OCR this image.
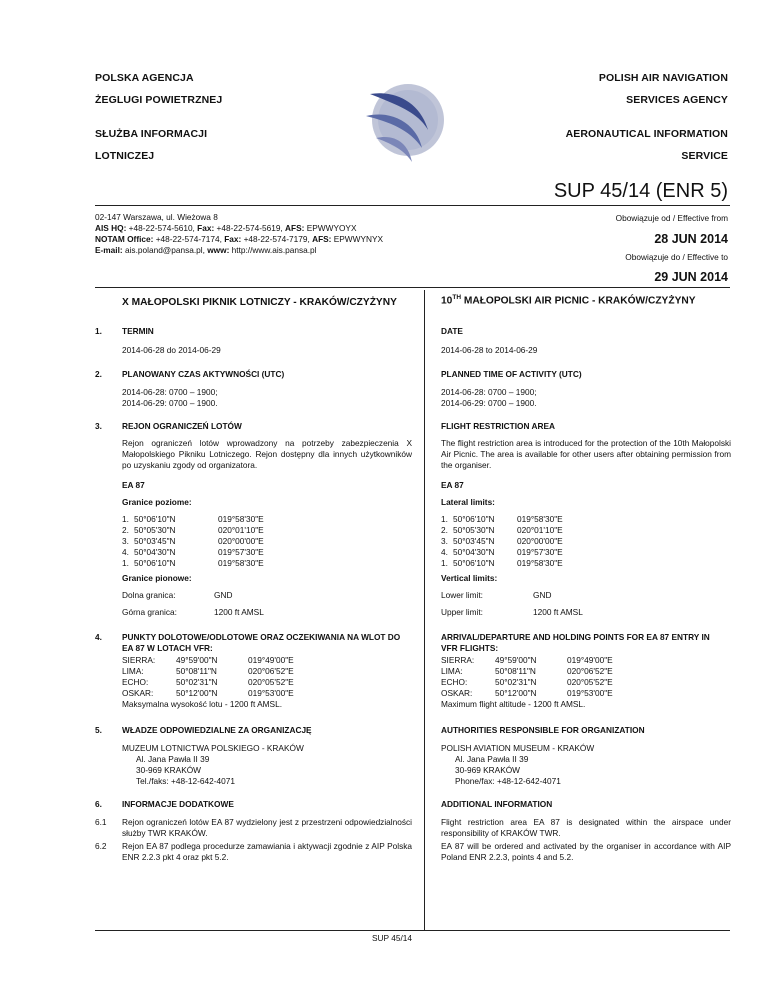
POLSKA AGENCJA
ŻEGLUGI POWIETRZNEJ
SŁUŻBA INFORMACJI
LOTNICZEJ
POLISH AIR NAVIGATION
SERVICES AGENCY
AERONAUTICAL INFORMATION
SERVICE
SUP 45/14 (ENR 5)
02-147 Warszawa, ul. Wieżowa 8
AIS HQ: +48-22-574-5610, Fax: +48-22-574-5619, AFS: EPWWYOYX
NOTAM Office: +48-22-574-7174, Fax: +48-22-574-7179, AFS: EPWWYNYX
E-mail: ais.poland@pansa.pl, www: http://www.ais.pansa.pl
Obowiązuje od / Effective from
28 JUN 2014
Obowiązuje do / Effective to
29 JUN 2014
X MAŁOPOLSKI PIKNIK LOTNICZY - KRAKÓW/CZYŻYNY	10TH MAŁOPOLSKI AIR PICNIC - KRAKÓW/CZYŻYNY
1. TERMIN	DATE
2014-06-28 do 2014-06-29	2014-06-28 to 2014-06-29
2. PLANOWANY CZAS AKTYWNOŚCI (UTC)	PLANNED TIME OF ACTIVITY (UTC)
2014-06-28: 0700 – 1900;
2014-06-29: 0700 – 1900.
2014-06-28: 0700 – 1900;
2014-06-29: 0700 – 1900.
3. REJON OGRANICZEŃ LOTÓW	FLIGHT RESTRICTION AREA
Rejon ograniczeń lotów wprowadzony na potrzeby zabezpieczenia X Małopolskiego Pikniku Lotniczego. Rejon dostępny dla innych użytkowników po uzyskaniu zgody od organizatora.
The flight restriction area is introduced for the protection of the 10th Małopolski Air Picnic. The area is available for other users after obtaining permission from the organiser.
EA 87	EA 87
Granice poziome:	Lateral limits:
1. 50°06'10"N	019°58'30"E
2. 50°05'30"N	020°01'10"E
3. 50°03'45"N	020°00'00"E
4. 50°04'30"N	019°57'30"E
1. 50°06'10"N	019°58'30"E
1. 50°06'10"N	019°58'30"E
2. 50°05'30"N	020°01'10"E
3. 50°03'45"N	020°00'00"E
4. 50°04'30"N	019°57'30"E
1. 50°06'10"N	019°58'30"E
Granice pionowe:	Vertical limits:
Dolna granica:	GND	Lower limit:	GND
Górna granica:	1200 ft AMSL	Upper limit:	1200 ft AMSL
4. PUNKTY DOLOTOWE/ODLOTOWE ORAZ OCZEKIWANIA NA WLOT DO
EA 87 W LOTACH VFR:
ARRIVAL/DEPARTURE AND HOLDING POINTS FOR EA 87 ENTRY IN
VFR FLIGHTS:
SIERRA:	49°59'00"N	019°49'00"E
LIMA:	50°08'11"N	020°06'52"E
ECHO:	50°02'31"N	020°05'52"E
OSKAR:	50°12'00"N	019°53'00"E
Maksymalna wysokość lotu - 1200 ft AMSL.
SIERRA:	49°59'00"N	019°49'00"E
LIMA:	50°08'11"N	020°06'52"E
ECHO:	50°02'31"N	020°05'52"E
OSKAR:	50°12'00"N	019°53'00"E
Maximum flight altitude - 1200 ft AMSL.
5. WŁADZE ODPOWIEDZIALNE ZA ORGANIZACJĘ	AUTHORITIES RESPONSIBLE FOR ORGANIZATION
MUZEUM LOTNICTWA POLSKIEGO - KRAKÓW
Al. Jana Pawła II 39
30-969 KRAKÓW
Tel./faks: +48-12-642-4071
POLISH AVIATION MUSEUM - KRAKÓW
Al. Jana Pawła II 39
30-969 KRAKÓW
Phone/fax: +48-12-642-4071
6. INFORMACJE DODATKOWE	ADDITIONAL INFORMATION
6.1 Rejon ograniczeń lotów EA 87 wydzielony jest z przestrzeni odpowiedzialności służby TWR KRAKÓW.
Flight restriction area EA 87 is designated within the airspace under responsibility of KRAKÓW TWR.
6.2 Rejon EA 87 podlega procedurze zamawiania i aktywacji zgodnie z AIP Polska ENR 2.2.3 pkt 4 oraz pkt 5.2.
EA 87 will be ordered and activated by the organiser in accordance with AIP Poland ENR 2.2.3, points 4 and 5.2.
SUP 45/14
